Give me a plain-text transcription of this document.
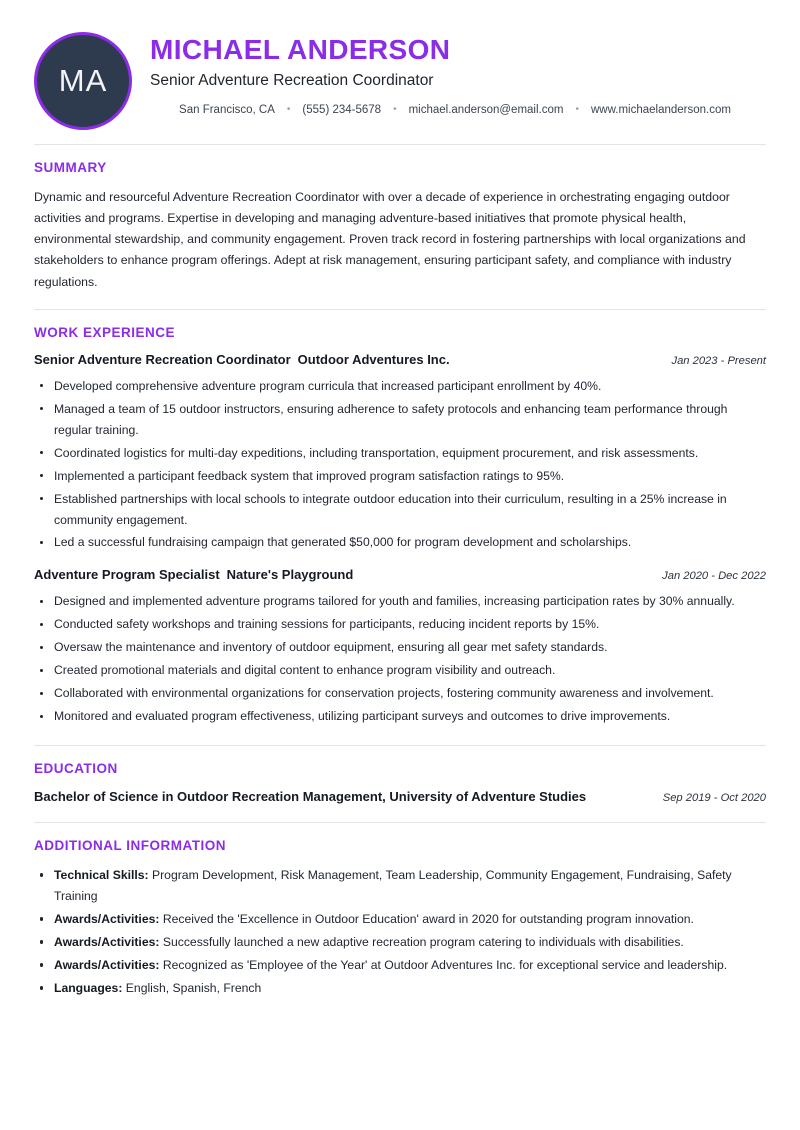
MA
MICHAEL ANDERSON
Senior Adventure Recreation Coordinator
San Francisco, CA • (555) 234-5678 • michael.anderson@email.com • www.michaelanderson.com
SUMMARY

Dynamic and resourceful Adventure Recreation Coordinator with over a decade of experience in orchestrating engaging outdoor activities and programs. Expertise in developing and managing adventure-based initiatives that promote physical health, environmental stewardship, and community engagement. Proven track record in fostering partnerships with local organizations and stakeholders to enhance program offerings. Adept at risk management, ensuring participant safety, and compliance with industry regulations.

WORK EXPERIENCE
Senior Adventure Recreation Coordinator Outdoor Adventures Inc.	Jan 2023 - Present
Developed comprehensive adventure program curricula that increased participant enrollment by 40%.
Managed a team of 15 outdoor instructors, ensuring adherence to safety protocols and enhancing team performance through regular training.
Coordinated logistics for multi-day expeditions, including transportation, equipment procurement, and risk assessments.
Implemented a participant feedback system that improved program satisfaction ratings to 95%.
Established partnerships with local schools to integrate outdoor education into their curriculum, resulting in a 25% increase in community engagement.
Led a successful fundraising campaign that generated $50,000 for program development and scholarships.
Adventure Program Specialist Nature's Playground	Jan 2020 - Dec 2022
Designed and implemented adventure programs tailored for youth and families, increasing participation rates by 30% annually.
Conducted safety workshops and training sessions for participants, reducing incident reports by 15%.
Oversaw the maintenance and inventory of outdoor equipment, ensuring all gear met safety standards.
Created promotional materials and digital content to enhance program visibility and outreach.
Collaborated with environmental organizations for conservation projects, fostering community awareness and involvement.
Monitored and evaluated program effectiveness, utilizing participant surveys and outcomes to drive improvements.
EDUCATION
Bachelor of Science in Outdoor Recreation Management, University of Adventure Studies	Sep 2019 - Oct 2020
ADDITIONAL INFORMATION
Technical Skills: Program Development, Risk Management, Team Leadership, Community Engagement, Fundraising, Safety Training
Awards/Activities: Received the 'Excellence in Outdoor Education' award in 2020 for outstanding program innovation.
Awards/Activities: Successfully launched a new adaptive recreation program catering to individuals with disabilities.
Awards/Activities: Recognized as 'Employee of the Year' at Outdoor Adventures Inc. for exceptional service and leadership.
Languages: English, Spanish, French
